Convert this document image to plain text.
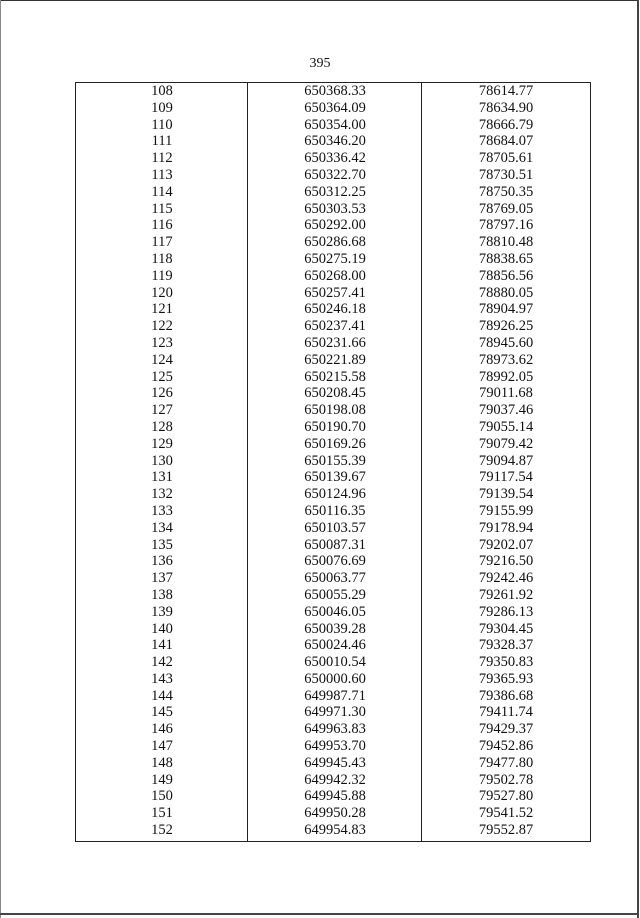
395
108	650368.33	78614.77
109	650364.09	78634.90
110	650354.00	78666.79
111	650346.20	78684.07
112	650336.42	78705.61
113	650322.70	78730.51
114	650312.25	78750.35
115	650303.53	78769.05
116	650292.00	78797.16
117	650286.68	78810.48
118	650275.19	78838.65
119	650268.00	78856.56
120	650257.41	78880.05
121	650246.18	78904.97
122	650237.41	78926.25
123	650231.66	78945.60
124	650221.89	78973.62
125	650215.58	78992.05
126	650208.45	79011.68
127	650198.08	79037.46
128	650190.70	79055.14
129	650169.26	79079.42
130	650155.39	79094.87
131	650139.67	79117.54
132	650124.96	79139.54
133	650116.35	79155.99
134	650103.57	79178.94
135	650087.31	79202.07
136	650076.69	79216.50
137	650063.77	79242.46
138	650055.29	79261.92
139	650046.05	79286.13
140	650039.28	79304.45
141	650024.46	79328.37
142	650010.54	79350.83
143	650000.60	79365.93
144	649987.71	79386.68
145	649971.30	79411.74
146	649963.83	79429.37
147	649953.70	79452.86
148	649945.43	79477.80
149	649942.32	79502.78
150	649945.88	79527.80
151	649950.28	79541.52
152	649954.83	79552.87
